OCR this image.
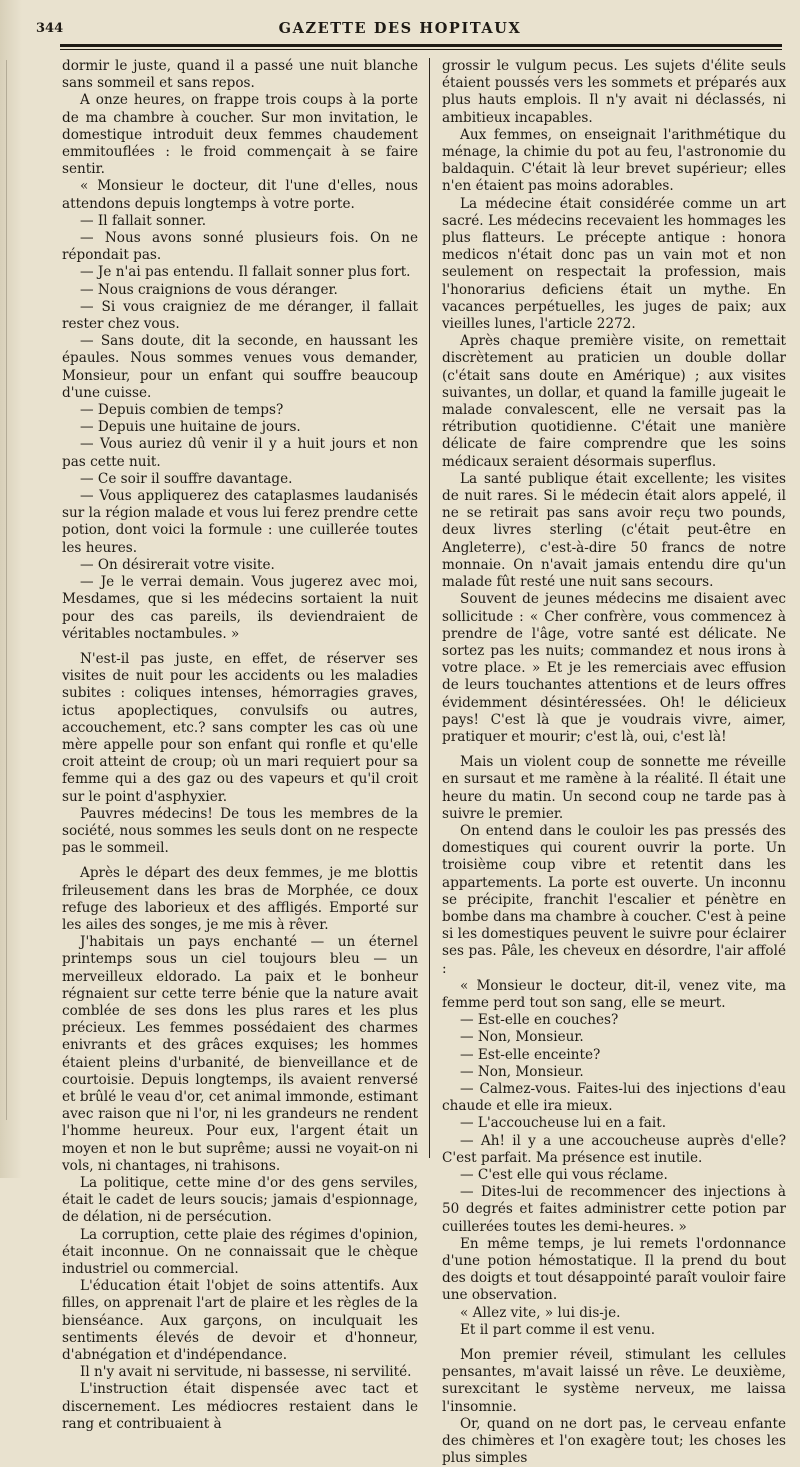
344	GAZETTE DES HOPITAUX

dormir le juste, quand il a passé une nuit blanche sans sommeil et sans repos.

A onze heures, on frappe trois coups à la porte de ma chambre à coucher. Sur mon invitation, le domestique introduit deux femmes chaudement emmitouflées : le froid commençait à se faire sentir.

« Monsieur le docteur, dit l'une d'elles, nous attendons depuis longtemps à votre porte.

— Il fallait sonner.

— Nous avons sonné plusieurs fois. On ne répondait pas.

— Je n'ai pas entendu. Il fallait sonner plus fort.

— Nous craignions de vous déranger.

— Si vous craigniez de me déranger, il fallait rester chez vous.

— Sans doute, dit la seconde, en haussant les épaules. Nous sommes venues vous demander, Monsieur, pour un enfant qui souffre beaucoup d'une cuisse.

— Depuis combien de temps?

— Depuis une huitaine de jours.

— Vous auriez dû venir il y a huit jours et non pas cette nuit.

— Ce soir il souffre davantage.

— Vous appliquerez des cataplasmes laudanisés sur la région malade et vous lui ferez prendre cette potion, dont voici la formule : une cuillerée toutes les heures.

— On désirerait votre visite.

— Je le verrai demain. Vous jugerez avec moi, Mesdames, que si les médecins sortaient la nuit pour des cas pareils, ils deviendraient de véritables noctambules. »

N'est-il pas juste, en effet, de réserver ses visites de nuit pour les accidents ou les maladies subites : coliques intenses, hémorragies graves, ictus apoplectiques, convulsifs ou autres, accouchement, etc.? sans compter les cas où une mère appelle pour son enfant qui ronfle et qu'elle croit atteint de croup; où un mari requiert pour sa femme qui a des gaz ou des vapeurs et qu'il croit sur le point d'asphyxier.

Pauvres médecins! De tous les membres de la société, nous sommes les seuls dont on ne respecte pas le sommeil.

Après le départ des deux femmes, je me blottis frileusement dans les bras de Morphée, ce doux refuge des laborieux et des affligés. Emporté sur les ailes des songes, je me mis à rêver.

J'habitais un pays enchanté — un éternel printemps sous un ciel toujours bleu — un merveilleux eldorado. La paix et le bonheur régnaient sur cette terre bénie que la nature avait comblée de ses dons les plus rares et les plus précieux. Les femmes possédaient des charmes enivrants et des grâces exquises; les hommes étaient pleins d'urbanité, de bienveillance et de courtoisie. Depuis longtemps, ils avaient renversé et brûlé le veau d'or, cet animal immonde, estimant avec raison que ni l'or, ni les grandeurs ne rendent l'homme heureux. Pour eux, l'argent était un moyen et non le but suprême; aussi ne voyait-on ni vols, ni chantages, ni trahisons.

La politique, cette mine d'or des gens serviles, était le cadet de leurs soucis; jamais d'espionnage, de délation, ni de persécution.

La corruption, cette plaie des régimes d'opinion, était inconnue. On ne connaissait que le chèque industriel ou commercial.

L'éducation était l'objet de soins attentifs. Aux filles, on apprenait l'art de plaire et les règles de la bienséance. Aux garçons, on inculquait les sentiments élevés de devoir et d'honneur, d'abnégation et d'indépendance.

Il n'y avait ni servitude, ni bassesse, ni servilité.

L'instruction était dispensée avec tact et discernement. Les médiocres restaient dans le rang et contribuaient à

grossir le vulgum pecus. Les sujets d'élite seuls étaient poussés vers les sommets et préparés aux plus hauts emplois. Il n'y avait ni déclassés, ni ambitieux incapables.

Aux femmes, on enseignait l'arithmétique du ménage, la chimie du pot au feu, l'astronomie du baldaquin. C'était là leur brevet supérieur; elles n'en étaient pas moins adorables.

La médecine était considérée comme un art sacré. Les médecins recevaient les hommages les plus flatteurs. Le précepte antique : honora medicos n'était donc pas un vain mot et non seulement on respectait la profession, mais l'honorarius deficiens était un mythe. En vacances perpétuelles, les juges de paix; aux vieilles lunes, l'article 2272.

Après chaque première visite, on remettait discrètement au praticien un double dollar (c'était sans doute en Amérique) ; aux visites suivantes, un dollar, et quand la famille jugeait le malade convalescent, elle ne versait pas la rétribution quotidienne. C'était une manière délicate de faire comprendre que les soins médicaux seraient désormais superflus.

La santé publique était excellente; les visites de nuit rares. Si le médecin était alors appelé, il ne se retirait pas sans avoir reçu two pounds, deux livres sterling (c'était peut-être en Angleterre), c'est-à-dire 50 francs de notre monnaie. On n'avait jamais entendu dire qu'un malade fût resté une nuit sans secours.

Souvent de jeunes médecins me disaient avec sollicitude : « Cher confrère, vous commencez à prendre de l'âge, votre santé est délicate. Ne sortez pas les nuits; commandez et nous irons à votre place. » Et je les remerciais avec effusion de leurs touchantes attentions et de leurs offres évidemment désintéressées. Oh! le délicieux pays! C'est là que je voudrais vivre, aimer, pratiquer et mourir; c'est là, oui, c'est là!

Mais un violent coup de sonnette me réveille en sursaut et me ramène à la réalité. Il était une heure du matin. Un second coup ne tarde pas à suivre le premier.

On entend dans le couloir les pas pressés des domestiques qui courent ouvrir la porte. Un troisième coup vibre et retentit dans les appartements. La porte est ouverte. Un inconnu se précipite, franchit l'escalier et pénètre en bombe dans ma chambre à coucher. C'est à peine si les domestiques peuvent le suivre pour éclairer ses pas. Pâle, les cheveux en désordre, l'air affolé :

« Monsieur le docteur, dit-il, venez vite, ma femme perd tout son sang, elle se meurt.

— Est-elle en couches?

— Non, Monsieur.

— Est-elle enceinte?

— Non, Monsieur.

— Calmez-vous. Faites-lui des injections d'eau chaude et elle ira mieux.

— L'accoucheuse lui en a fait.

— Ah! il y a une accoucheuse auprès d'elle? C'est parfait. Ma présence est inutile.

— C'est elle qui vous réclame.

— Dites-lui de recommencer des injections à 50 degrés et faites administrer cette potion par cuillerées toutes les demi-heures. »

En même temps, je lui remets l'ordonnance d'une potion hémostatique. Il la prend du bout des doigts et tout désappointé paraît vouloir faire une observation.

« Allez vite, » lui dis-je.

Et il part comme il est venu.

Mon premier réveil, stimulant les cellules pensantes, m'avait laissé un rêve. Le deuxième, surexcitant le système nerveux, me laissa l'insomnie.

Or, quand on ne dort pas, le cerveau enfante des chimères et l'on exagère tout; les choses les plus simples
